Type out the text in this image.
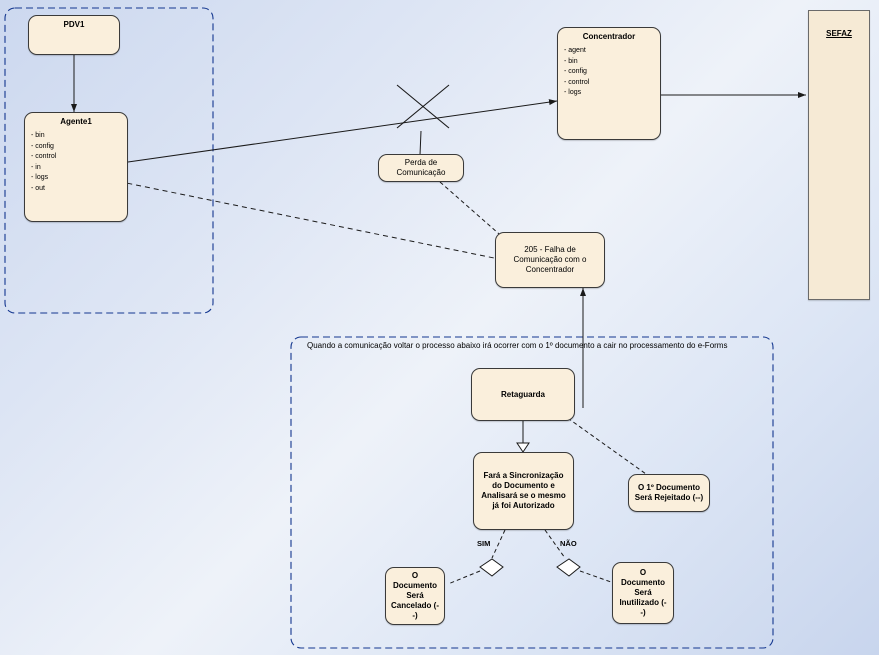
Quando a comunicação voltar o processo abaixo irá ocorrer com o 1º documento a cair no processamento do e-Forms
PDV1
Agente1
- bin
- config
- control
- in
- logs
- out
Concentrador
- agent
- bin
- config
- control
- logs
SEFAZ
Perda de Comunicação
205 - Falha de Comunicação com o Concentrador
Retaguarda
Fará a Sincronização do Documento e Analisará se o mesmo já foi Autorizado
O 1º Documento Será Rejeitado (--)
O Documento Será Cancelado (--)
O Documento Será Inutilizado (--)
SIM	NÃO
